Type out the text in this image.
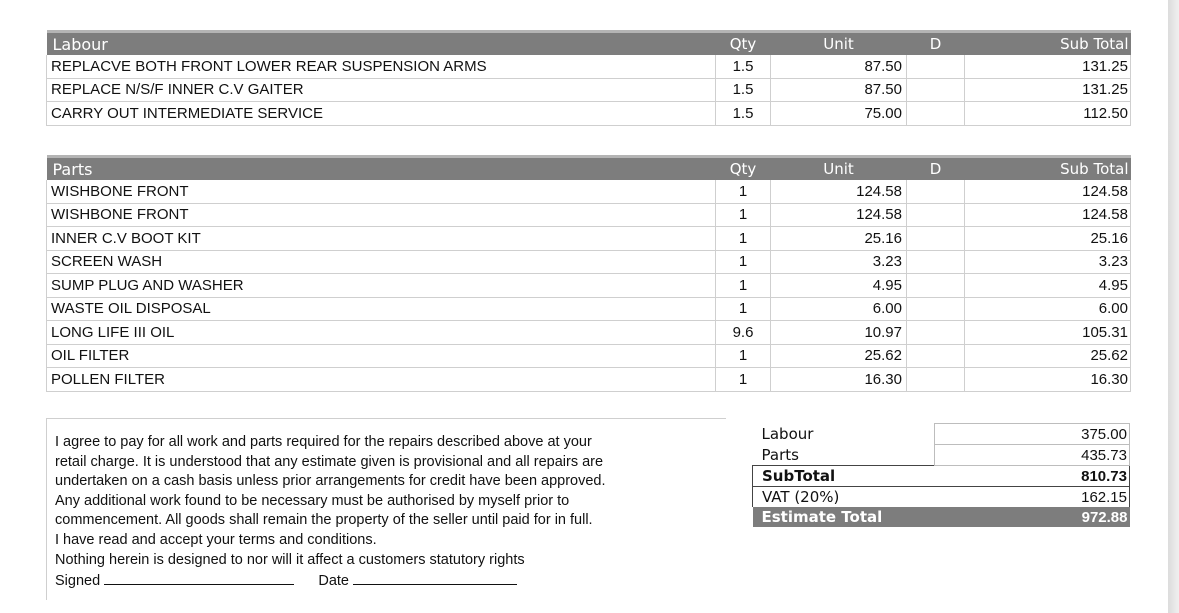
Labour	Qty	Unit	D	Sub Total
REPLACVE BOTH FRONT LOWER REAR SUSPENSION ARMS	1.5	87.50		131.25
REPLACE N/S/F INNER C.V GAITER	1.5	87.50		131.25
CARRY OUT INTERMEDIATE SERVICE	1.5	75.00		112.50
Parts	Qty	Unit	D	Sub Total
WISHBONE FRONT	1	124.58		124.58
WISHBONE FRONT	1	124.58		124.58
INNER C.V BOOT KIT	1	25.16		25.16
SCREEN WASH	1	3.23		3.23
SUMP PLUG AND WASHER	1	4.95		4.95
WASTE OIL DISPOSAL	1	6.00		6.00
LONG LIFE III OIL	9.6	10.97		105.31
OIL FILTER	1	25.62		25.62
POLLEN FILTER	1	16.30		16.30

I agree to pay for all work and parts required for the repairs described above at your

retail charge. It is understood that any estimate given is provisional and all repairs are

undertaken on a cash basis unless prior arrangements for credit have been approved.

Any additional work found to be necessary must be authorised by myself prior to

commencement. All goods shall remain the property of the seller until paid for in full.

I have read and accept your terms and conditions.

Nothing herein is designed to nor will it affect a customers statutory rights

Signed	Date

Labour	375.00
Parts	435.73
SubTotal	810.73
VAT (20%)	162.15
Estimate Total	972.88
